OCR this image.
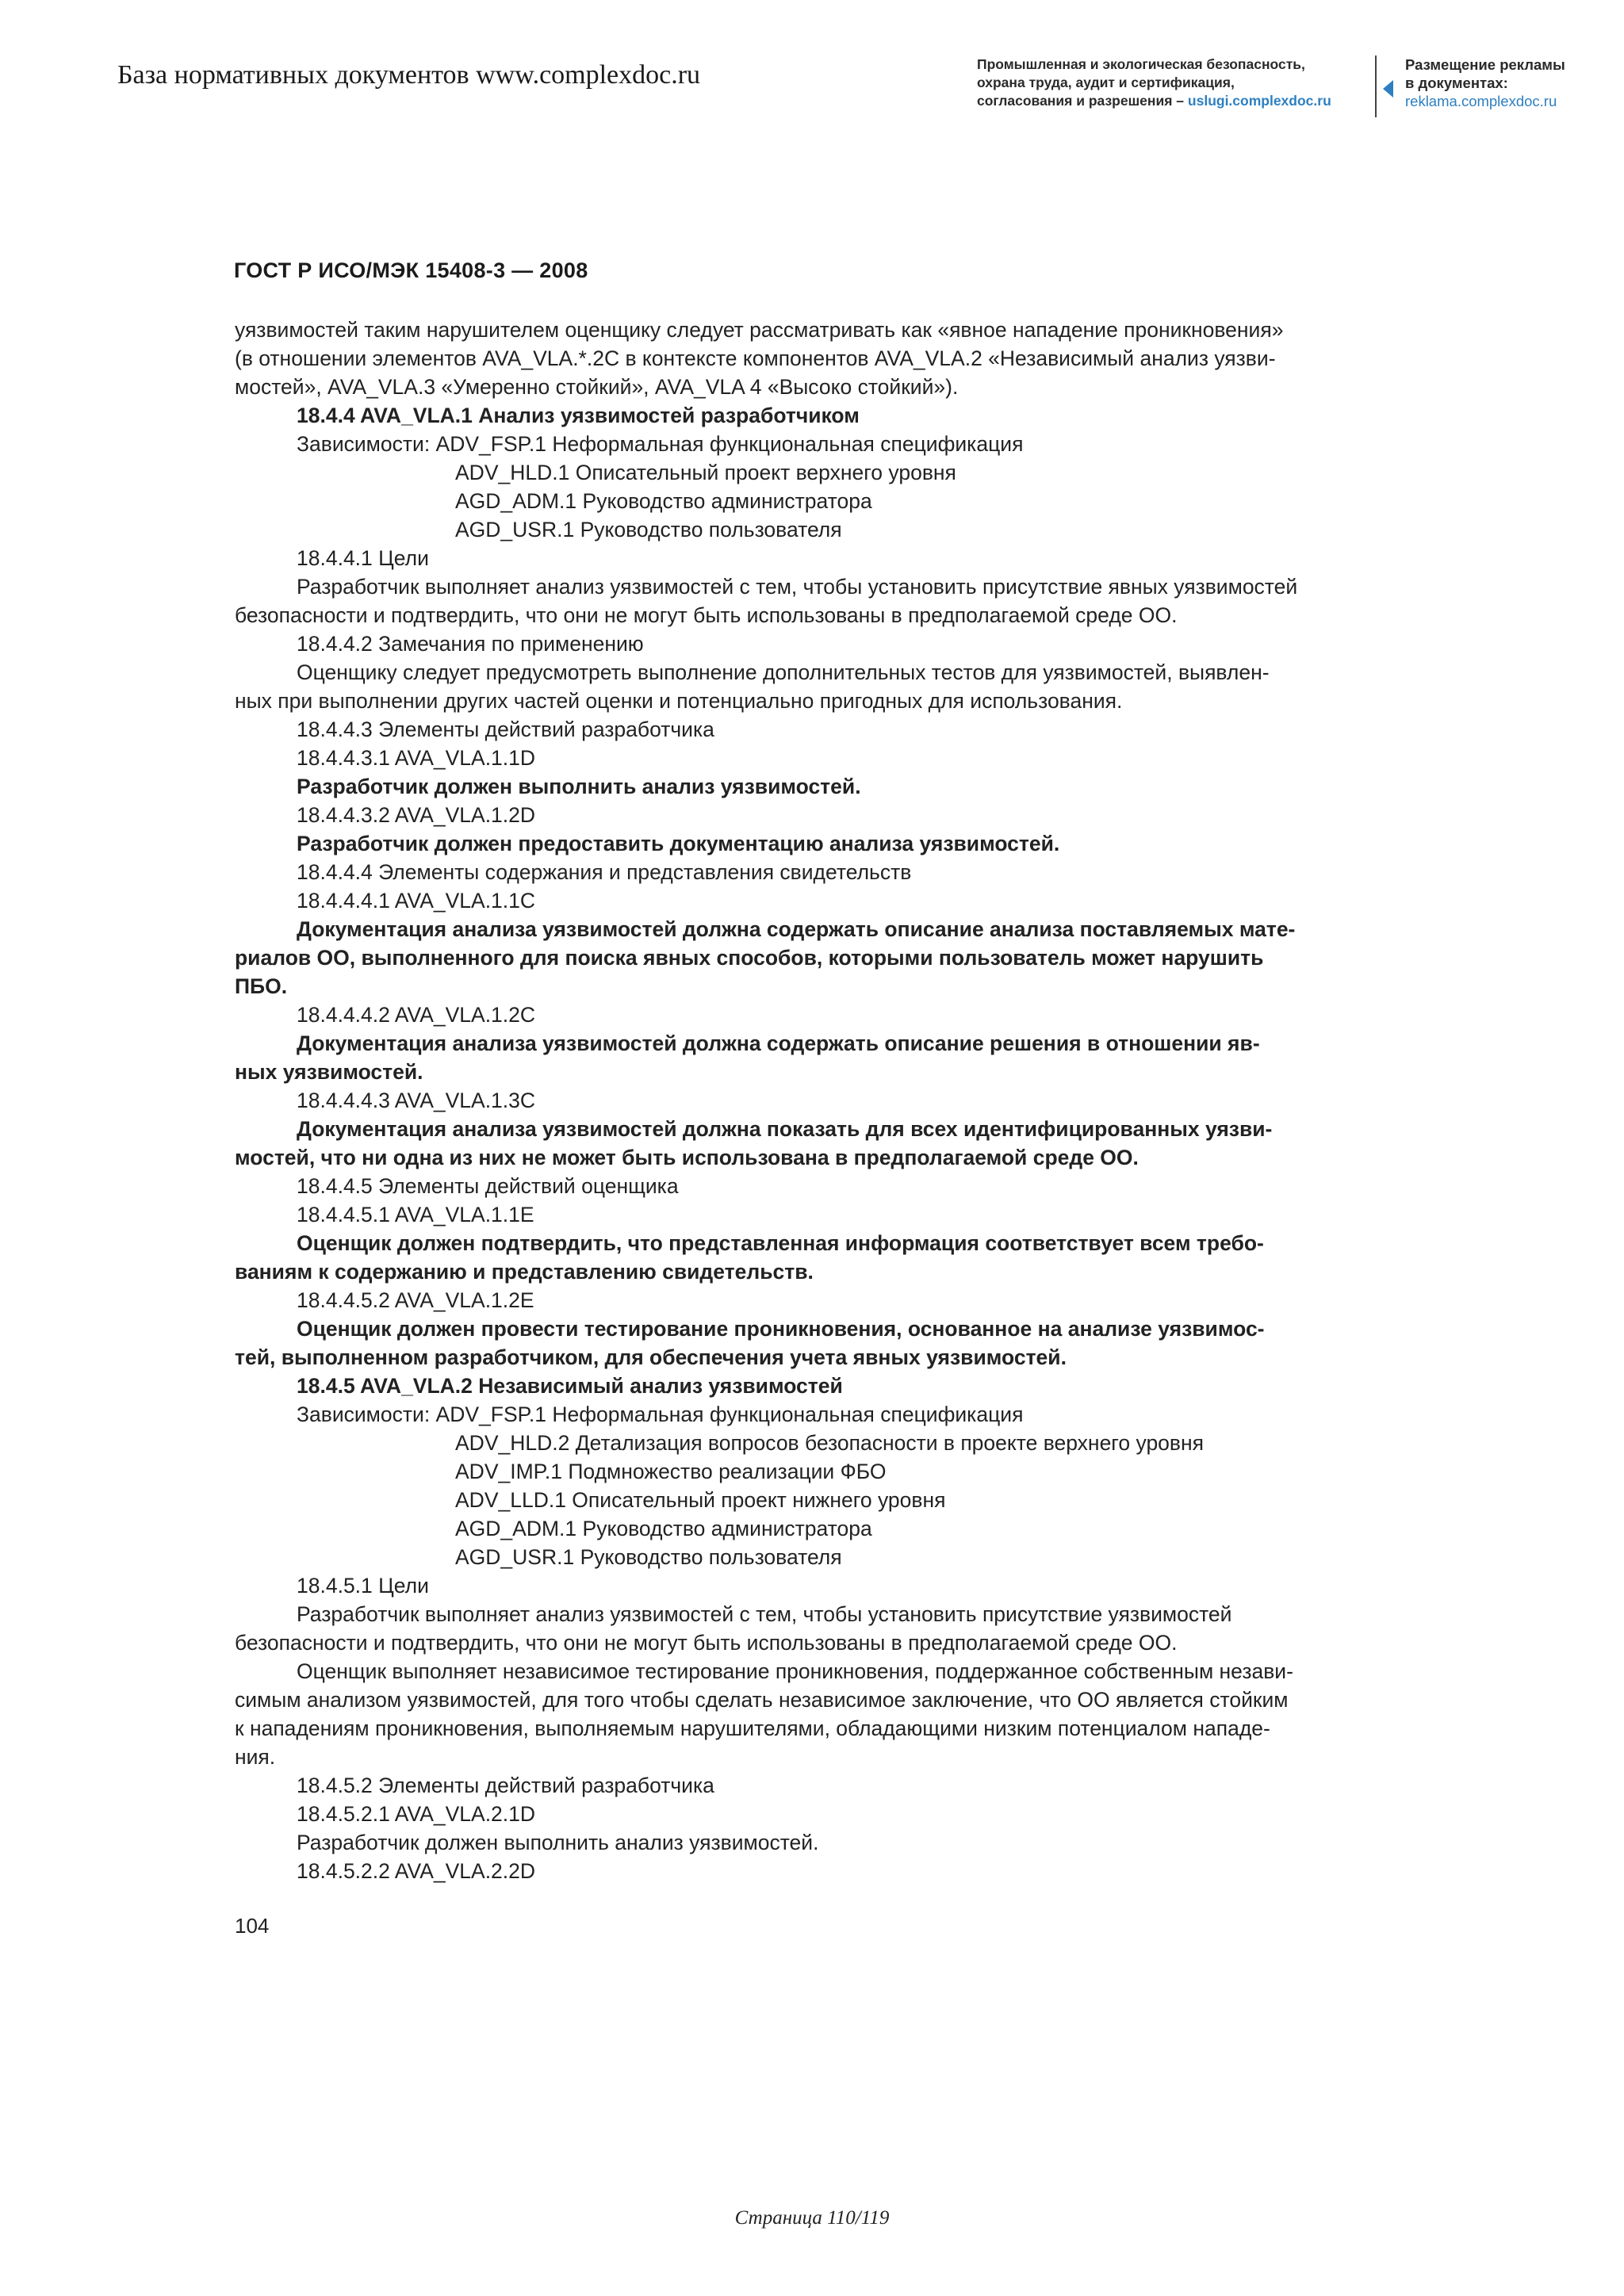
База нормативных документов www.complexdoc.ru	Промышленная и экологическая безопасность,
охрана труда, аудит и сертификация,
согласования и разрешения – uslugi.complexdoc.ru
Размещение рекламы
в документах:
reklama.complexdoc.ru
ГОСТ Р ИСО/МЭК 15408-3 — 2008

уязвимостей таким нарушителем оценщику следует рассматривать как «явное нападение проникновения»

(в отношении элементов AVA_VLA.*.2C в контексте компонентов AVA_VLA.2 «Независимый анализ уязви-

мостей», AVA_VLA.3 «Умеренно стойкий», AVA_VLA 4 «Высоко стойкий»).

18.4.4 AVA_VLA.1 Анализ уязвимостей разработчиком

Зависимости: ADV_FSP.1 Неформальная функциональная спецификация

ADV_HLD.1 Описательный проект верхнего уровня

AGD_ADM.1 Руководство администратора

AGD_USR.1 Руководство пользователя

18.4.4.1 Цели

Разработчик выполняет анализ уязвимостей с тем, чтобы установить присутствие явных уязвимостей

безопасности и подтвердить, что они не могут быть использованы в предполагаемой среде ОО.

18.4.4.2 Замечания по применению

Оценщику следует предусмотреть выполнение дополнительных тестов для уязвимостей, выявлен-

ных при выполнении других частей оценки и потенциально пригодных для использования.

18.4.4.3 Элементы действий разработчика

18.4.4.3.1 AVA_VLA.1.1D

Разработчик должен выполнить анализ уязвимостей.

18.4.4.3.2 AVA_VLA.1.2D

Разработчик должен предоставить документацию анализа уязвимостей.

18.4.4.4 Элементы содержания и представления свидетельств

18.4.4.4.1 AVA_VLA.1.1C

Документация анализа уязвимостей должна содержать описание анализа поставляемых мате-

риалов ОО, выполненного для поиска явных способов, которыми пользователь может нарушить

ПБО.

18.4.4.4.2 AVA_VLA.1.2C

Документация анализа уязвимостей должна содержать описание решения в отношении яв-

ных уязвимостей.

18.4.4.4.3 AVA_VLA.1.3C

Документация анализа уязвимостей должна показать для всех идентифицированных уязви-

мостей, что ни одна из них не может быть использована в предполагаемой среде ОО.

18.4.4.5 Элементы действий оценщика

18.4.4.5.1 AVA_VLA.1.1E

Оценщик должен подтвердить, что представленная информация соответствует всем требо-

ваниям к содержанию и представлению свидетельств.

18.4.4.5.2 AVA_VLA.1.2E

Оценщик должен провести тестирование проникновения, основанное на анализе уязвимос-

тей, выполненном разработчиком, для обеспечения учета явных уязвимостей.

18.4.5 AVA_VLA.2 Независимый анализ уязвимостей

Зависимости: ADV_FSP.1 Неформальная функциональная спецификация

ADV_HLD.2 Детализация вопросов безопасности в проекте верхнего уровня

ADV_IMP.1 Подмножество реализации ФБО

ADV_LLD.1 Описательный проект нижнего уровня

AGD_ADM.1 Руководство администратора

AGD_USR.1 Руководство пользователя

18.4.5.1 Цели

Разработчик выполняет анализ уязвимостей с тем, чтобы установить присутствие уязвимостей

безопасности и подтвердить, что они не могут быть использованы в предполагаемой среде ОО.

Оценщик выполняет независимое тестирование проникновения, поддержанное собственным незави-

симым анализом уязвимостей, для того чтобы сделать независимое заключение, что ОО является стойким

к нападениям проникновения, выполняемым нарушителями, обладающими низким потенциалом нападе-

ния.

18.4.5.2 Элементы действий разработчика

18.4.5.2.1 AVA_VLA.2.1D

Разработчик должен выполнить анализ уязвимостей.

18.4.5.2.2 AVA_VLA.2.2D

104
Страница 110/119
